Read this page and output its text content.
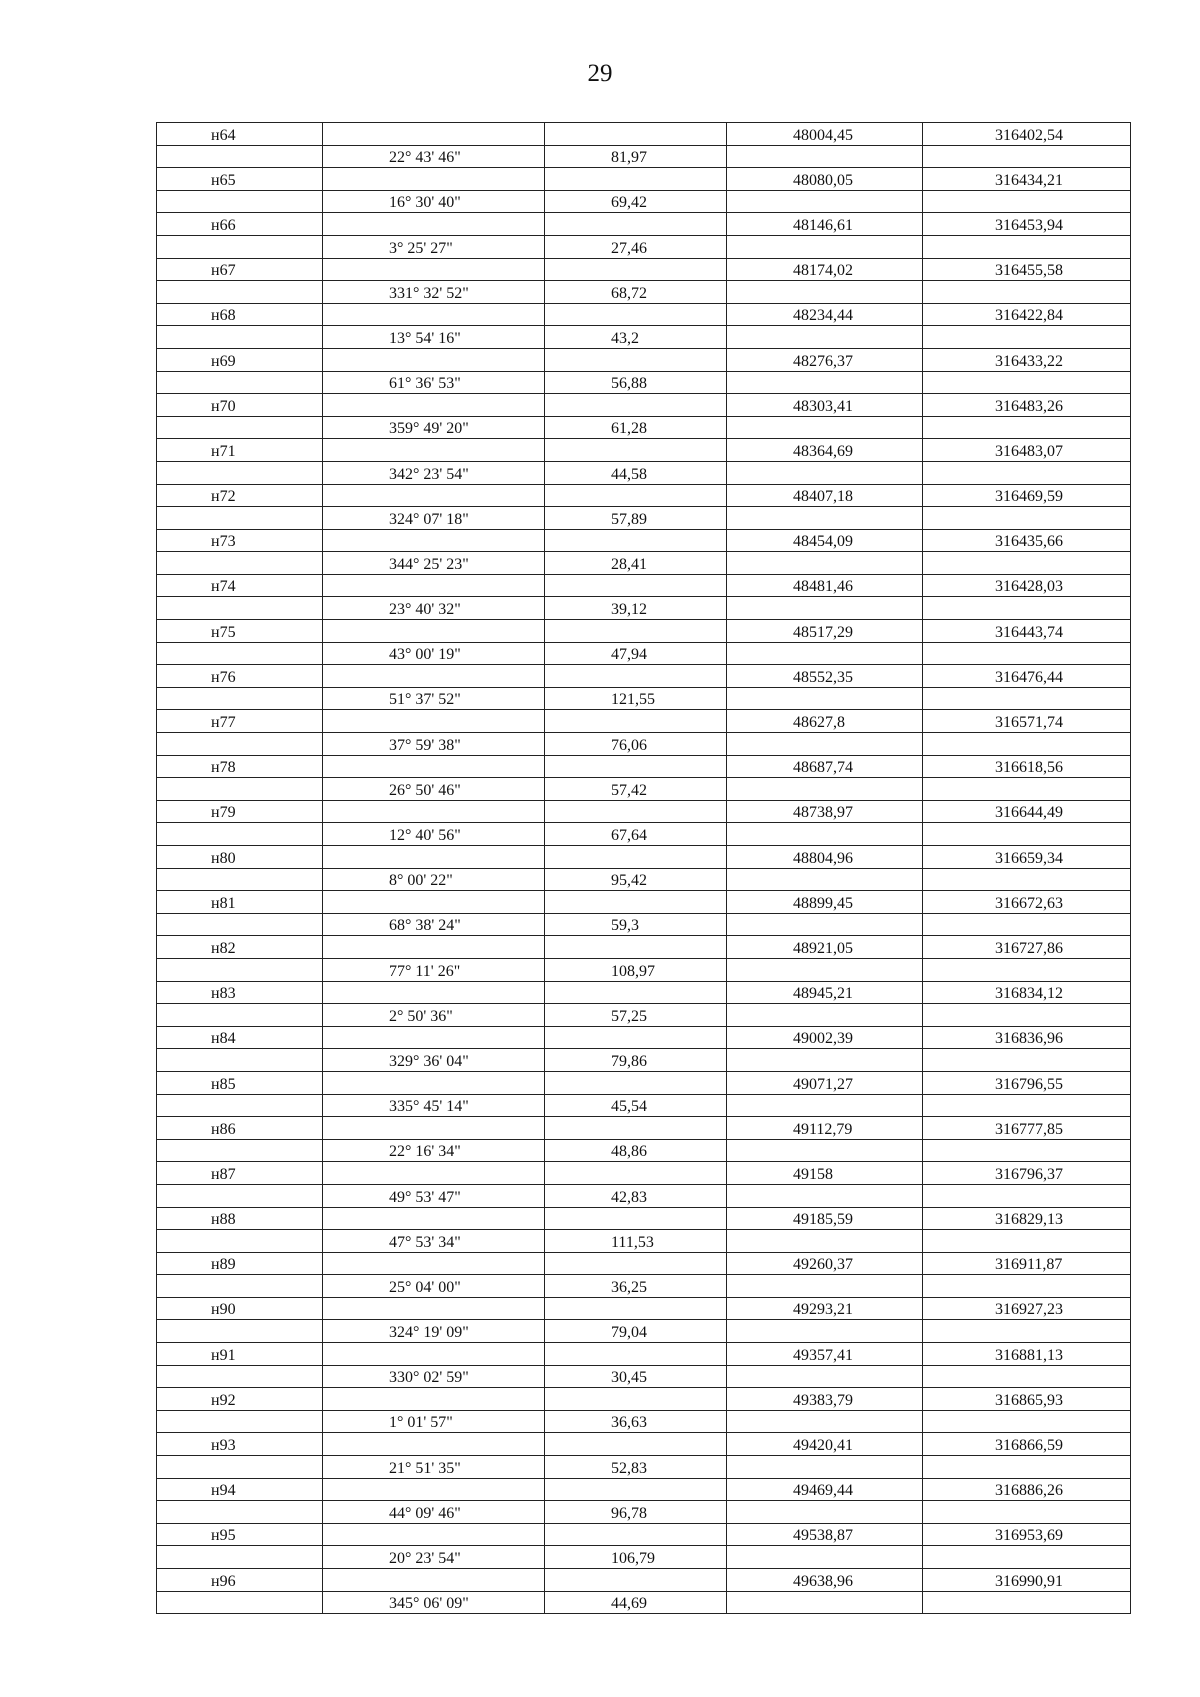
29
н64			48004,45	316402,54
	22° 43' 46"	81,97		
н65			48080,05	316434,21
	16° 30' 40"	69,42		
н66			48146,61	316453,94
	3° 25' 27"	27,46		
н67			48174,02	316455,58
	331° 32' 52"	68,72		
н68			48234,44	316422,84
	13° 54' 16"	43,2		
н69			48276,37	316433,22
	61° 36' 53"	56,88		
н70			48303,41	316483,26
	359° 49' 20"	61,28		
н71			48364,69	316483,07
	342° 23' 54"	44,58		
н72			48407,18	316469,59
	324° 07' 18"	57,89		
н73			48454,09	316435,66
	344° 25' 23"	28,41		
н74			48481,46	316428,03
	23° 40' 32"	39,12		
н75			48517,29	316443,74
	43° 00' 19"	47,94		
н76			48552,35	316476,44
	51° 37' 52"	121,55		
н77			48627,8	316571,74
	37° 59' 38"	76,06		
н78			48687,74	316618,56
	26° 50' 46"	57,42		
н79			48738,97	316644,49
	12° 40' 56"	67,64		
н80			48804,96	316659,34
	8° 00' 22"	95,42		
н81			48899,45	316672,63
	68° 38' 24"	59,3		
н82			48921,05	316727,86
	77° 11' 26"	108,97		
н83			48945,21	316834,12
	2° 50' 36"	57,25		
н84			49002,39	316836,96
	329° 36' 04"	79,86		
н85			49071,27	316796,55
	335° 45' 14"	45,54		
н86			49112,79	316777,85
	22° 16' 34"	48,86		
н87			49158	316796,37
	49° 53' 47"	42,83		
н88			49185,59	316829,13
	47° 53' 34"	111,53		
н89			49260,37	316911,87
	25° 04' 00"	36,25		
н90			49293,21	316927,23
	324° 19' 09"	79,04		
н91			49357,41	316881,13
	330° 02' 59"	30,45		
н92			49383,79	316865,93
	1° 01' 57"	36,63		
н93			49420,41	316866,59
	21° 51' 35"	52,83		
н94			49469,44	316886,26
	44° 09' 46"	96,78		
н95			49538,87	316953,69
	20° 23' 54"	106,79		
н96			49638,96	316990,91
	345° 06' 09"	44,69		
